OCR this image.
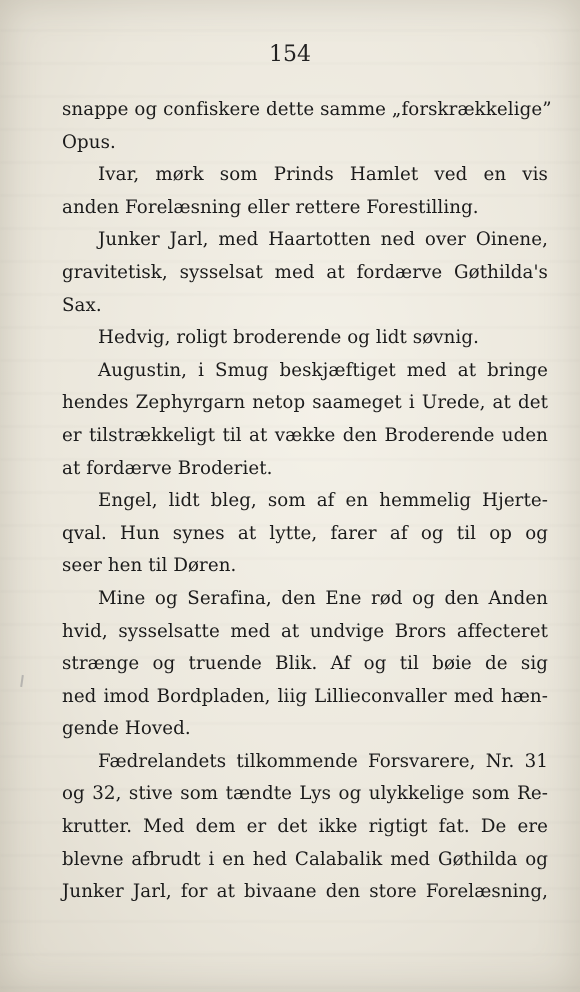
154
snappe og confiskere dette samme „forskrækkelige”
Opus.
Ivar, mørk som Prinds Hamlet ved en vis
anden Forelæsning eller rettere Forestilling.
Junker Jarl, med Haartotten ned over Oinene,
gravitetisk, sysselsat med at fordærve Gøthilda's
Sax.
Hedvig, roligt broderende og lidt søvnig.
Augustin, i Smug beskjæftiget med at bringe
hendes Zephyrgarn netop saameget i Urede, at det
er tilstrækkeligt til at vække den Broderende uden
at fordærve Broderiet.
Engel, lidt bleg, som af en hemmelig Hjerte-
qval. Hun synes at lytte, farer af og til op og
seer hen til Døren.
Mine og Serafina, den Ene rød og den Anden
hvid, sysselsatte med at undvige Brors affecteret
strænge og truende Blik. Af og til bøie de sig
ned imod Bordpladen, liig Lillieconvaller med hæn-
gende Hoved.
Fædrelandets tilkommende Forsvarere, Nr. 31
og 32, stive som tændte Lys og ulykkelige som Re-
krutter. Med dem er det ikke rigtigt fat. De ere
blevne afbrudt i en hed Calabalik med Gøthilda og
Junker Jarl, for at bivaane den store Forelæsning,
